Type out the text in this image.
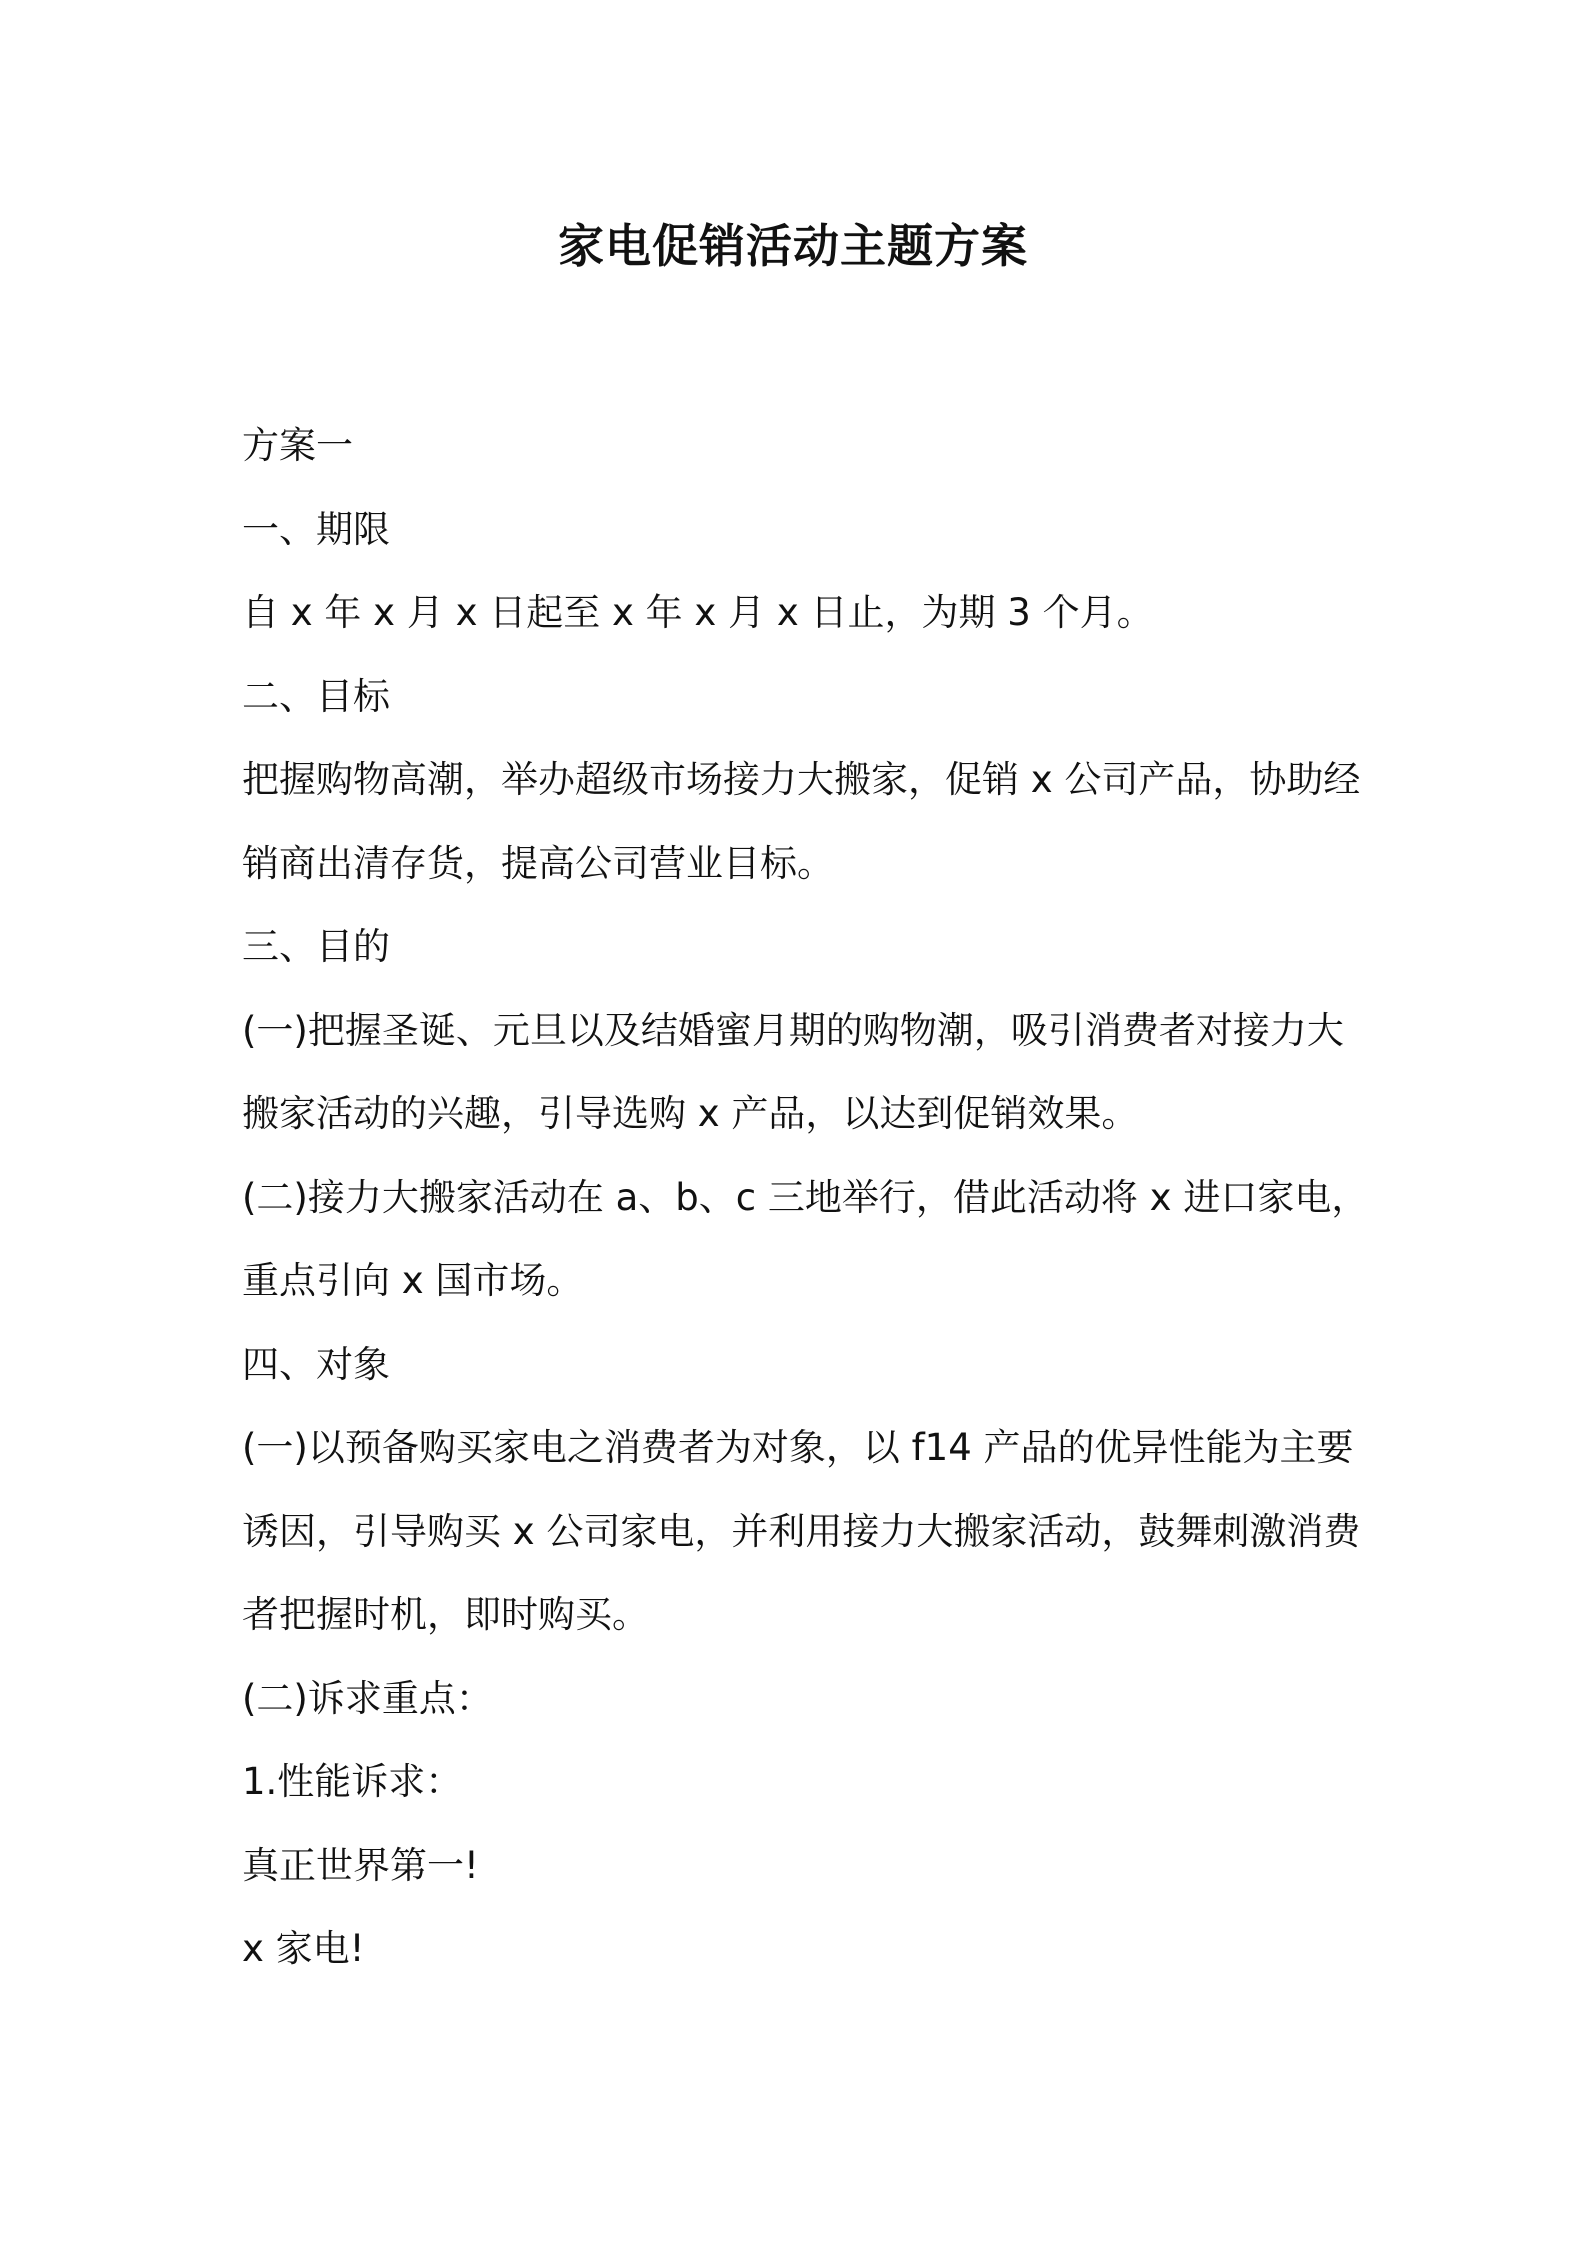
家电促销活动主题方案

方案一

一、期限

自 x 年 x 月 x 日起至 x 年 x 月 x 日止，为期 3 个月。

二、目标

把握购物高潮，举办超级市场接力大搬家，促销 x 公司产品，协助经

销商出清存货，提高公司营业目标。

三、目的

(一)把握圣诞、元旦以及结婚蜜月期的购物潮，吸引消费者对接力大

搬家活动的兴趣，引导选购 x 产品，以达到促销效果。

(二)接力大搬家活动在 a、b、c 三地举行，借此活动将 x 进口家电，

重点引向 x 国市场。

四、对象

(一)以预备购买家电之消费者为对象，以 f14 产品的优异性能为主要

诱因，引导购买 x 公司家电，并利用接力大搬家活动，鼓舞刺激消费

者把握时机，即时购买。

(二)诉求重点：

1.性能诉求：

真正世界第一!

x 家电!
